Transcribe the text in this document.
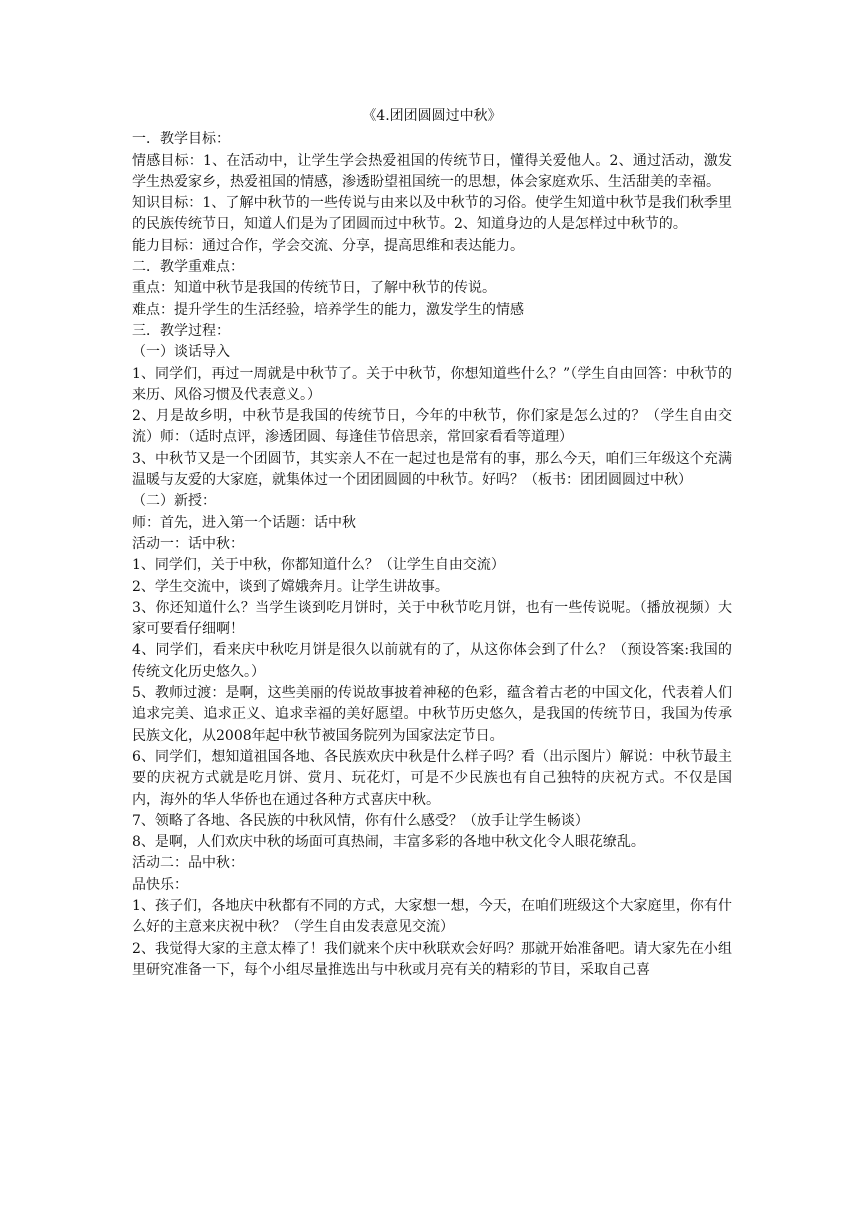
《4.团团圆圆过中秋》

一．教学目标：

情感目标：1、在活动中，让学生学会热爱祖国的传统节日，懂得关爱他人。2、通过活动，激发学生热爱家乡，热爱祖国的情感，渗透盼望祖国统一的思想，体会家庭欢乐、生活甜美的幸福。

知识目标：1、了解中秋节的一些传说与由来以及中秋节的习俗。使学生知道中秋节是我们秋季里的民族传统节日，知道人们是为了团圆而过中秋节。2、知道身边的人是怎样过中秋节的。

能力目标：通过合作，学会交流、分享，提高思维和表达能力。

二．教学重难点：

重点：知道中秋节是我国的传统节日，了解中秋节的传说。

难点：提升学生的生活经验，培养学生的能力，激发学生的情感

三．教学过程：

（一）谈话导入

1、同学们，再过一周就是中秋节了。关于中秋节，你想知道些什么？”（学生自由回答：中秋节的来历、风俗习惯及代表意义。）

2、月是故乡明，中秋节是我国的传统节日，今年的中秋节，你们家是怎么过的？（学生自由交流）师：（适时点评，渗透团圆、每逢佳节倍思亲，常回家看看等道理）

3、中秋节又是一个团圆节，其实亲人不在一起过也是常有的事，那么今天，咱们三年级这个充满温暖与友爱的大家庭，就集体过一个团团圆圆的中秋节。好吗？（板书：团团圆圆过中秋）

（二）新授：

师：首先，进入第一个话题：话中秋

活动一：话中秋：

1、同学们，关于中秋，你都知道什么？（让学生自由交流）

2、学生交流中，谈到了嫦娥奔月。让学生讲故事。

3、你还知道什么？当学生谈到吃月饼时，关于中秋节吃月饼，也有一些传说呢。（播放视频）大家可要看仔细啊！

4、同学们，看来庆中秋吃月饼是很久以前就有的了，从这你体会到了什么？（预设答案:我国的传统文化历史悠久。）

5、教师过渡：是啊，这些美丽的传说故事披着神秘的色彩，蕴含着古老的中国文化，代表着人们追求完美、追求正义、追求幸福的美好愿望。中秋节历史悠久，是我国的传统节日，我国为传承民族文化，从2008年起中秋节被国务院列为国家法定节日。

6、同学们，想知道祖国各地、各民族欢庆中秋是什么样子吗？看（出示图片）解说：中秋节最主要的庆祝方式就是吃月饼、赏月、玩花灯，可是不少民族也有自己独特的庆祝方式。不仅是国内，海外的华人华侨也在通过各种方式喜庆中秋。

7、领略了各地、各民族的中秋风情，你有什么感受？（放手让学生畅谈）

8、是啊，人们欢庆中秋的场面可真热闹，丰富多彩的各地中秋文化令人眼花缭乱。

活动二：品中秋：

品快乐：

1、孩子们，各地庆中秋都有不同的方式，大家想一想，今天，在咱们班级这个大家庭里，你有什么好的主意来庆祝中秋？（学生自由发表意见交流）

2、我觉得大家的主意太棒了！我们就来个庆中秋联欢会好吗？那就开始准备吧。请大家先在小组里研究准备一下，每个小组尽量推选出与中秋或月亮有关的精彩的节目，采取自己喜
